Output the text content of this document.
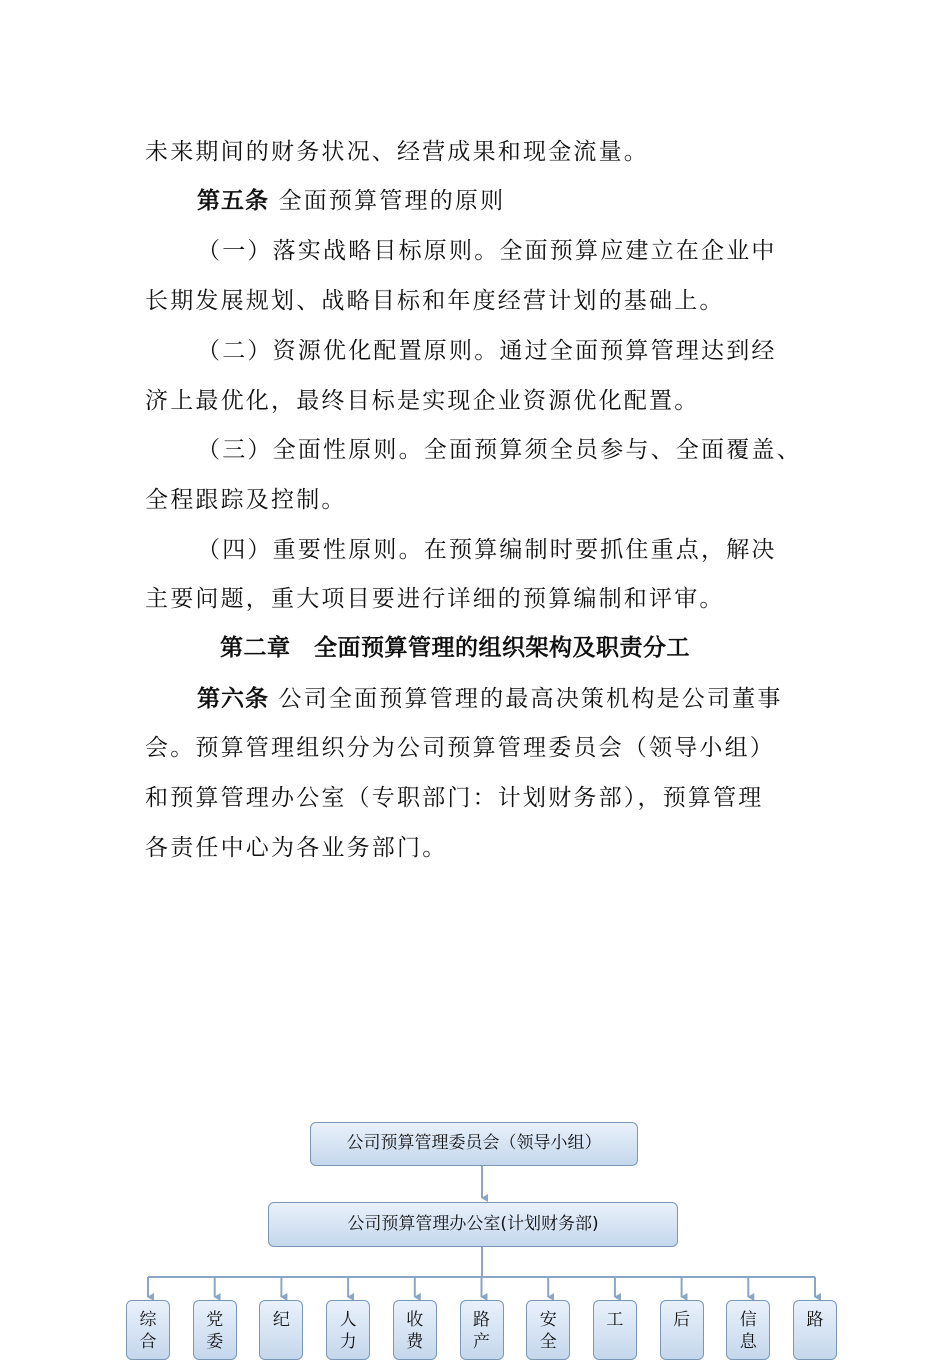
未来期间的财务状况、经营成果和现金流量。
第五条 全面预算管理的原则
（一）落实战略目标原则。全面预算应建立在企业中
长期发展规划、战略目标和年度经营计划的基础上。
（二）资源优化配置原则。通过全面预算管理达到经
济上最优化，最终目标是实现企业资源优化配置。
（三）全面性原则。全面预算须全员参与、全面覆盖、
全程跟踪及控制。
（四）重要性原则。在预算编制时要抓住重点，解决
主要问题，重大项目要进行详细的预算编制和评审。
第二章　全面预算管理的组织架构及职责分工
第六条 公司全面预算管理的最高决策机构是公司董事
会。预算管理组织分为公司预算管理委员会（领导小组）
和预算管理办公室（专职部门：计划财务部），预算管理
各责任中心为各业务部门。
公司预算管理委员会（领导小组）
公司预算管理办公室(计划财务部)
综合
党委
纪	人力
收费
路产
安全
工	后	信息
路
